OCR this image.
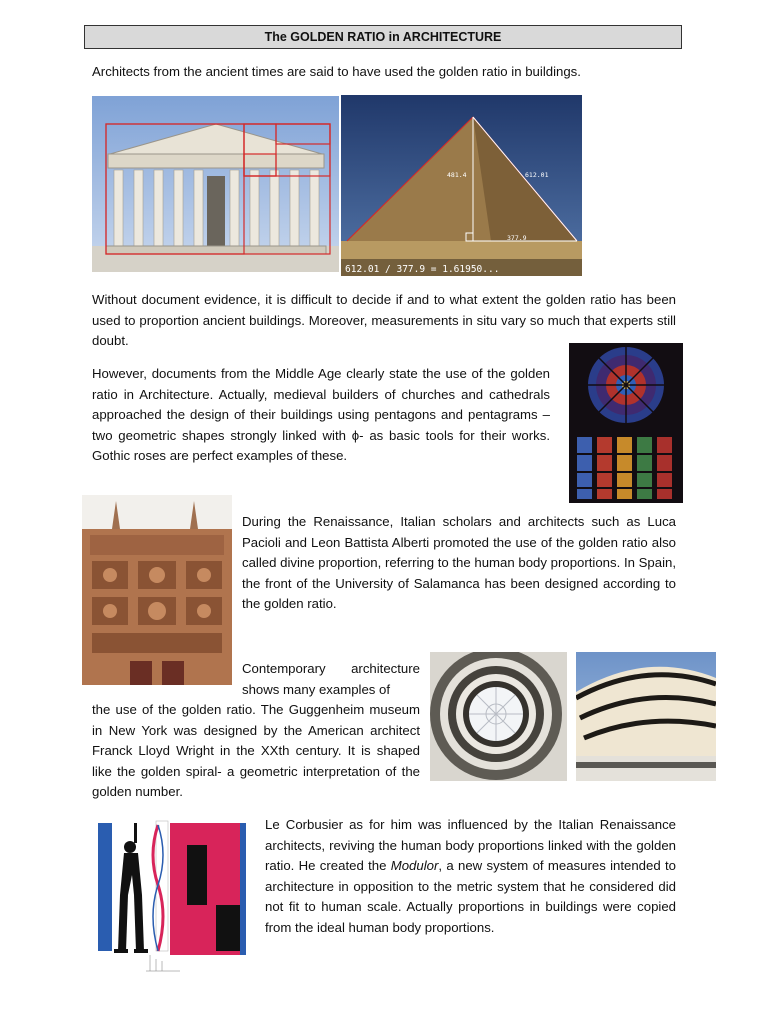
The GOLDEN RATIO in ARCHITECTURE
Architects from the ancient times are said to have used the golden ratio in buildings.
481.4	612.01
377.9
612.01 / 377.9 = 1.61950...
Without document evidence, it is difficult to decide if and to what extent the golden ratio has been used to proportion ancient buildings. Moreover, measurements in situ vary so much that experts still doubt.
However, documents from the Middle Age clearly state the use of the golden ratio in Architecture. Actually, medieval builders of churches and cathedrals approached the design of their buildings using pentagons and pentagrams –two geometric shapes strongly linked with ϕ- as basic tools for their works. Gothic roses are perfect examples of these.
During the Renaissance, Italian scholars and architects such as Luca Pacioli and Leon Battista Alberti promoted the use of the golden ratio also called divine proportion, referring to the human body proportions. In Spain, the front of the University of Salamanca has been designed according to the golden ratio.
Contemporary architecture shows many examples of
the use of the golden ratio. The Guggenheim museum in New York was designed by the American architect Franck Lloyd Wright in the XXth century. It is shaped like the golden spiral- a geometric interpretation of the golden number.
Le Corbusier as for him was influenced by the Italian Renaissance architects, reviving the human body proportions linked with the golden ratio. He created the Modulor, a new system of measures intended to architecture in opposition to the metric system that he considered did not fit to human scale. Actually proportions in buildings were copied from the ideal human body proportions.
